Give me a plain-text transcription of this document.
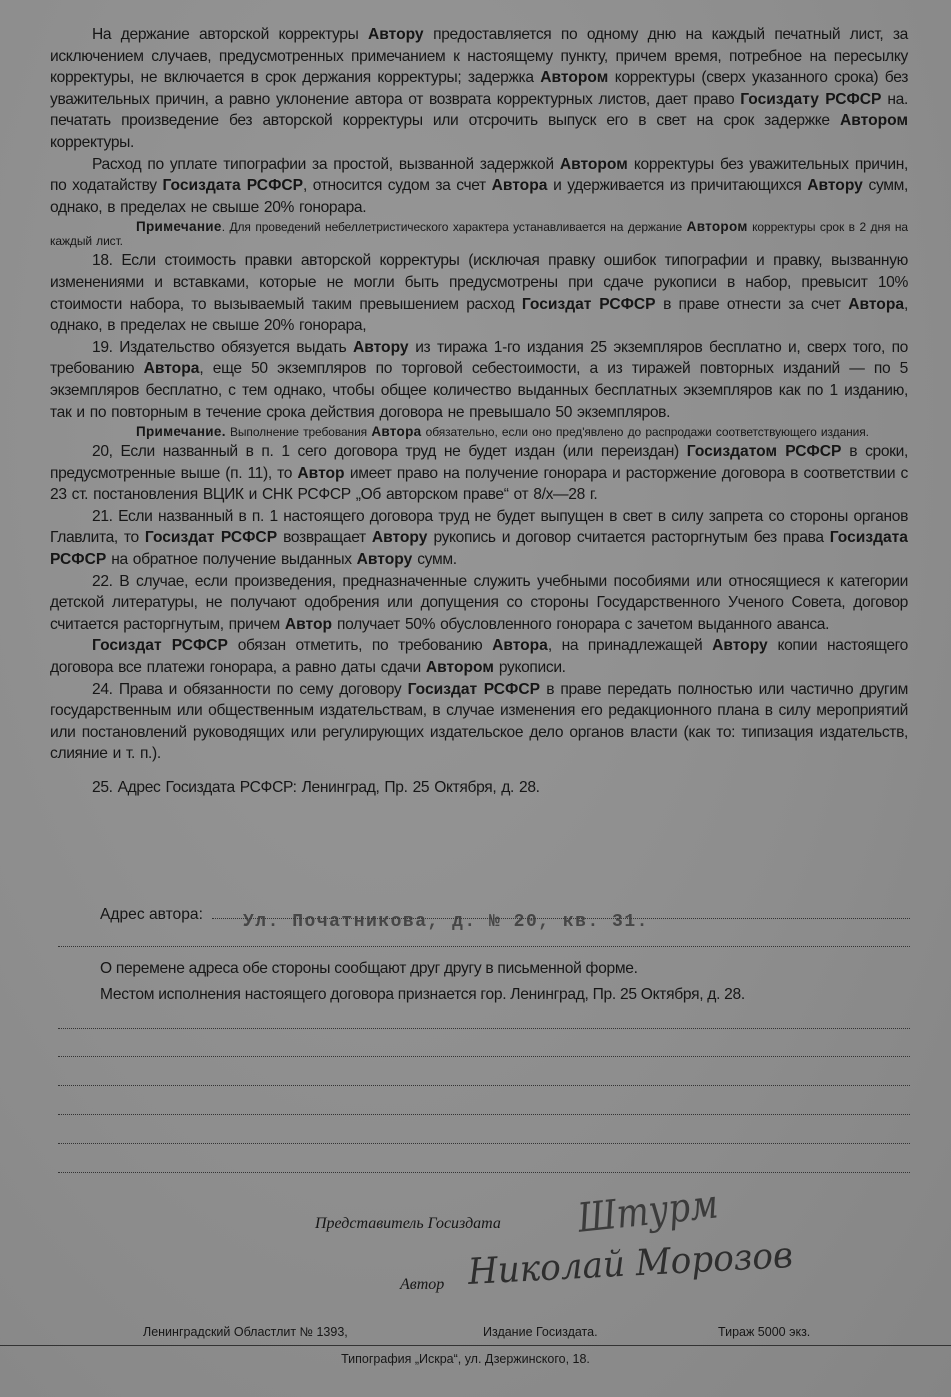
На держание авторской корректуры Автору предоставляется по одному дню на каждый печатный лист, за исключением случаев, предусмотренных примечанием к настоящему пункту, причем время, потребное на пересылку корректуры, не включается в срок держания корректуры; задержка Автором корректуры (сверх указанного срока) без уважительных причин, а равно уклонение автора от возврата корректурных листов, дает право Госиздату РСФСР на. печатать произведение без авторской корректуры или отсрочить выпуск его в свет на срок задержке Автором корректуры.

Расход по уплате типографии за простой, вызванной задержкой Автором корректуры без уважительных причин, по ходатайству Госиздата РСФСР, относится судом за счет Автора и удерживается из причитающихся Автору сумм, однако, в пределах не свыше 20% гонорара.

Примечание. Для проведений небеллетристического характера устанавливается на держание Автором корректуры срок в 2 дня на каждый лист.

18. Если стоимость правки авторской корректуры (исключая правку ошибок типографии и правку, вызванную изменениями и вставками, которые не могли быть предусмотрены при сдаче рукописи в набор, превысит 10% стоимости набора, то вызываемый таким превышением расход Госиздат РСФСР в праве отнести за счет Автора, однако, в пределах не свыше 20% гонорара,

19. Издательство обязуется выдать Автору из тиража 1-го издания 25 экземпляров бесплатно и, сверх того, по требованию Автора, еще 50 экземпляров по торговой себестоимости, а из тиражей повторных изданий — по 5 экземпляров бесплатно, с тем однако, чтобы общее количество выданных бесплатных экземпляров как по 1 изданию, так и по повторным в течение срока действия договора не превышало 50 экземпляров.

Примечание. Выполнение требования Автора обязательно, если оно пред'явлено до распродажи соответствующего издания.

20, Если названный в п. 1 сего договора труд не будет издан (или переиздан) Госиздатом РСФСР в сроки, предусмотренные выше (п. 11), то Автор имеет право на получение гонорара и расторжение договора в соответствии с 23 ст. постановления ВЦИК и СНК РСФСР „Об авторском праве“ от 8/х—28 г.

21. Если названный в п. 1 настоящего договора труд не будет выпущен в свет в силу запрета со стороны органов Главлита, то Госиздат РСФСР возвращает Автору рукопись и договор считается расторгнутым без права Госиздата РСФСР на обратное получение выданных Автору сумм.

22. В случае, если произведения, предназначенные служить учебными пособиями или относящиеся к категории детской литературы, не получают одобрения или допущения со стороны Государственного Ученого Совета, договор считается расторгнутым, причем Автор получает 50% обусловленного гонорара с зачетом выданного аванса.

Госиздат РСФСР обязан отметить, по требованию Автора, на принадлежащей Автору копии настоящего договора все платежи гонорара, а равно даты сдачи Автором рукописи.

24. Права и обязанности по сему договору Госиздат РСФСР в праве передать полностью или частично другим государственным или общественным издательствам, в случае изменения его редакционного плана в силу мероприятий или постановлений руководящих или регулирующих издательское дело органов власти (как то: типизация издательств, слияние и т. п.).

25. Адрес Госиздата РСФСР: Ленинград, Пр. 25 Октября, д. 28.

Адрес автора: Ул. Початникова, д. № 20, кв. 31.
О перемене адреса обе стороны сообщают друг другу в письменной форме.
Местом исполнения настоящего договора признается гор. Ленинград, Пр. 25 Октября, д. 28.
Представитель Госиздата Штурм
Автор Николай Морозов
Ленинградский Областлит № 1393,	Издание Госиздата.	Тираж 5000 экз.
Типография „Искра“, ул. Дзержинского, 18.
